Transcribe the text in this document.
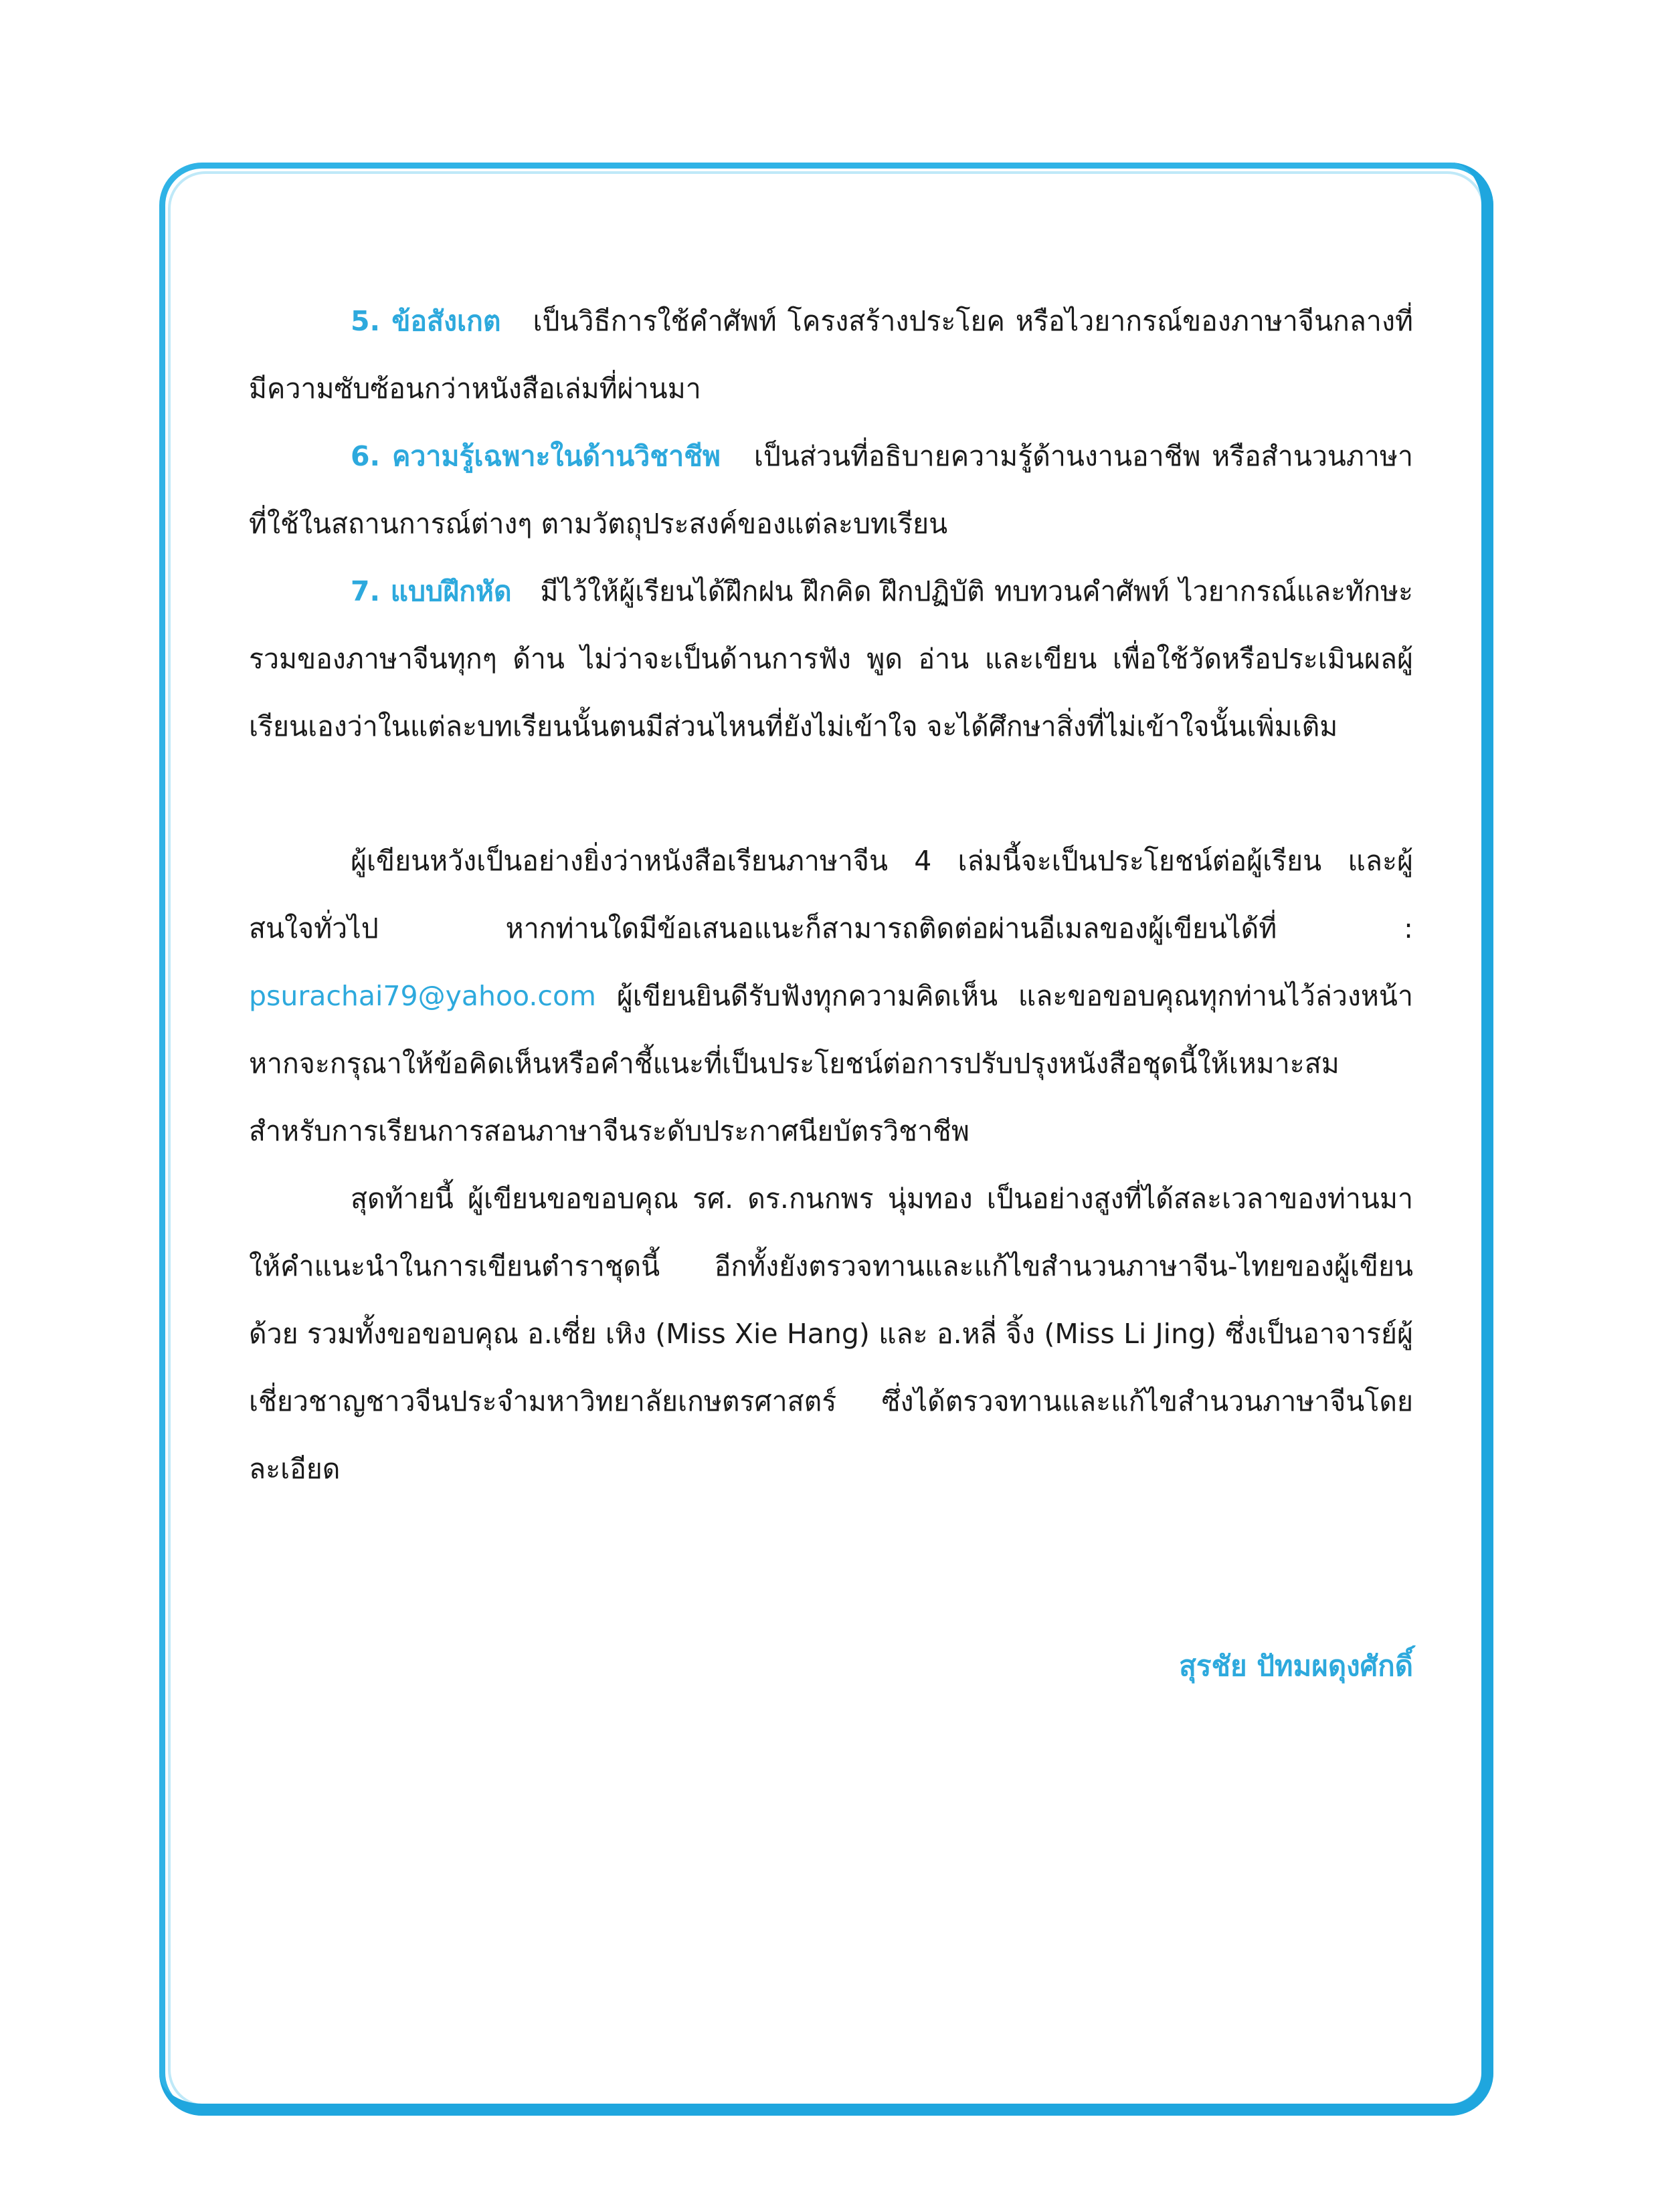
5. ข้อสังเกต เป็นวิธีการใช้คำศัพท์ โครงสร้างประโยค หรือไวยากรณ์ของภาษาจีนกลางที่มีความซับซ้อนกว่าหนังสือเล่มที่ผ่านมา

6. ความรู้เฉพาะในด้านวิชาชีพ เป็นส่วนที่อธิบายความรู้ด้านงานอาชีพ หรือสำนวนภาษาที่ใช้ในสถานการณ์ต่างๆ ตามวัตถุประสงค์ของแต่ละบทเรียน

7. แบบฝึกหัด มีไว้ให้ผู้เรียนได้ฝึกฝน ฝึกคิด ฝึกปฏิบัติ ทบทวนคำศัพท์ ไวยากรณ์และทักษะรวมของภาษาจีนทุกๆ ด้าน ไม่ว่าจะเป็นด้านการฟัง พูด อ่าน และเขียน เพื่อใช้วัดหรือประเมินผลผู้เรียนเองว่าในแต่ละบทเรียนนั้นตนมีส่วนไหนที่ยังไม่เข้าใจ จะได้ศึกษาสิ่งที่ไม่เข้าใจนั้นเพิ่มเติม

ผู้เขียนหวังเป็นอย่างยิ่งว่าหนังสือเรียนภาษาจีน 4 เล่มนี้จะเป็นประโยชน์ต่อผู้เรียน และผู้สนใจทั่วไป หากท่านใดมีข้อเสนอแนะก็สามารถติดต่อผ่านอีเมลของผู้เขียนได้ที่ : psurachai79@yahoo.com ผู้เขียนยินดีรับฟังทุกความคิดเห็น และขอขอบคุณทุกท่านไว้ล่วงหน้า หากจะกรุณาให้ข้อคิดเห็นหรือคำชี้แนะที่เป็นประโยชน์ต่อการปรับปรุงหนังสือชุดนี้ให้เหมาะสมสำหรับการเรียนการสอนภาษาจีนระดับประกาศนียบัตรวิชาชีพ

สุดท้ายนี้ ผู้เขียนขอขอบคุณ รศ. ดร.กนกพร นุ่มทอง เป็นอย่างสูงที่ได้สละเวลาของท่านมาให้คำแนะนำในการเขียนตำราชุดนี้ อีกทั้งยังตรวจทานและแก้ไขสำนวนภาษาจีน-ไทยของผู้เขียนด้วย รวมทั้งขอขอบคุณ อ.เซี่ย เหิง (Miss Xie Hang) และ อ.หลี่ จิ้ง (Miss Li Jing) ซึ่งเป็นอาจารย์ผู้เชี่ยวชาญชาวจีนประจำมหาวิทยาลัยเกษตรศาสตร์ ซึ่งได้ตรวจทานและแก้ไขสำนวนภาษาจีนโดยละเอียด

สุรชัย ปัทมผดุงศักดิ์
